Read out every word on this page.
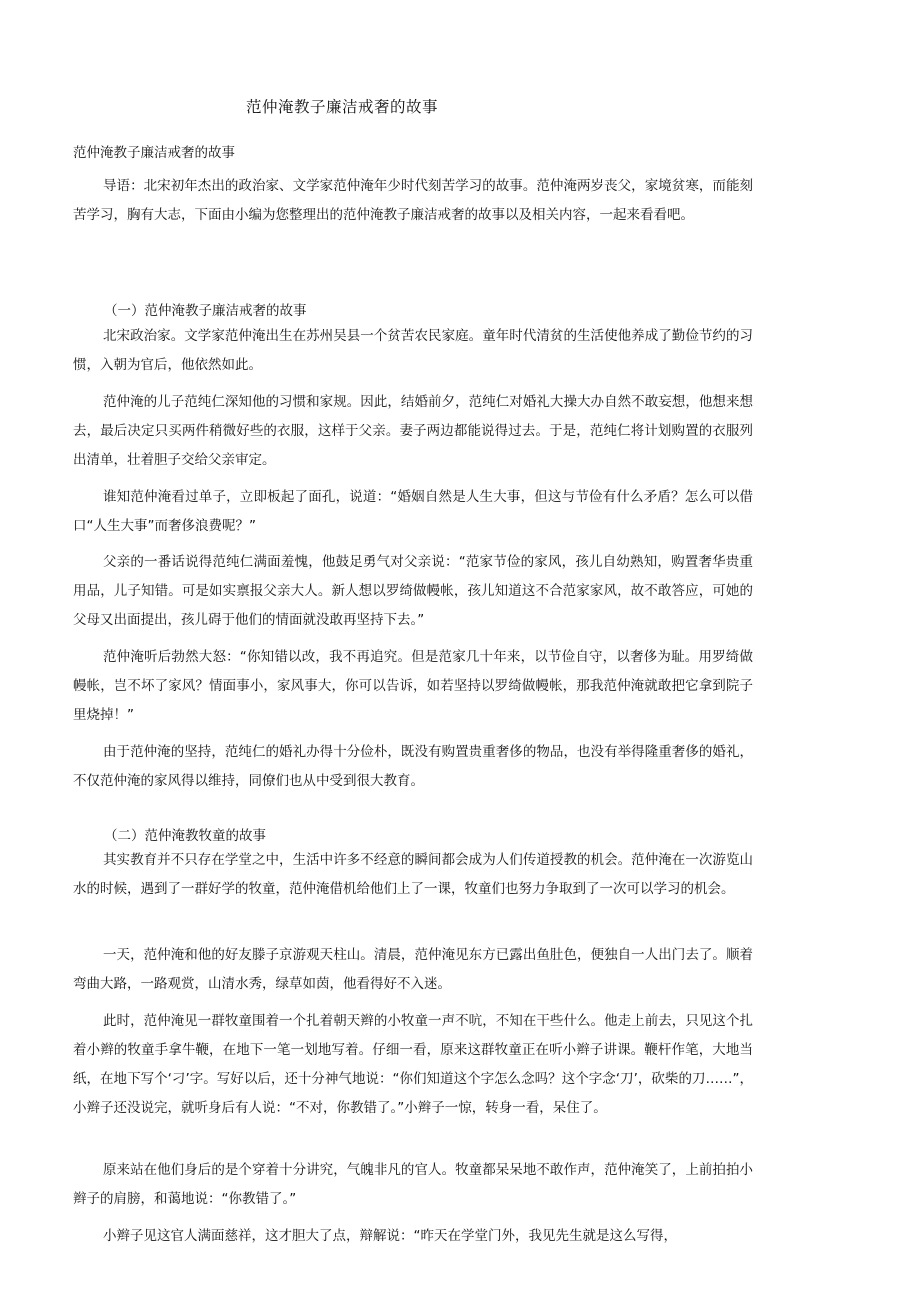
范仲淹教子廉洁戒奢的故事
范仲淹教子廉洁戒奢的故事

导语：北宋初年杰出的政治家、文学家范仲淹年少时代刻苦学习的故事。范仲淹两岁丧父，家境贫寒，而能刻苦学习，胸有大志，下面由小编为您整理出的范仲淹教子廉洁戒奢的故事以及相关内容，一起来看看吧。

（一）范仲淹教子廉洁戒奢的故事

北宋政治家。文学家范仲淹出生在苏州吴县一个贫苦农民家庭。童年时代清贫的生活使他养成了勤俭节约的习惯，入朝为官后，他依然如此。

范仲淹的儿子范纯仁深知他的习惯和家规。因此，结婚前夕，范纯仁对婚礼大操大办自然不敢妄想，他想来想去，最后决定只买两件稍微好些的衣服，这样于父亲。妻子两边都能说得过去。于是，范纯仁将计划购置的衣服列出清单，壮着胆子交给父亲审定。

谁知范仲淹看过单子，立即板起了面孔，说道：“婚姻自然是人生大事，但这与节俭有什么矛盾？怎么可以借口“人生大事”而奢侈浪费呢？”

父亲的一番话说得范纯仁满面羞愧，他鼓足勇气对父亲说：“范家节俭的家风，孩儿自幼熟知，购置奢华贵重用品，儿子知错。可是如实禀报父亲大人。新人想以罗绮做幔帐，孩儿知道这不合范家家风，故不敢答应，可她的父母又出面提出，孩儿碍于他们的情面就没敢再坚持下去。”

范仲淹听后勃然大怒：“你知错以改，我不再追究。但是范家几十年来，以节俭自守，以奢侈为耻。用罗绮做幔帐，岂不坏了家风？情面事小，家风事大，你可以告诉，如若坚持以罗绮做幔帐，那我范仲淹就敢把它拿到院子里烧掉！”

由于范仲淹的坚持，范纯仁的婚礼办得十分俭朴，既没有购置贵重奢侈的物品，也没有举得隆重奢侈的婚礼，不仅范仲淹的家风得以维持，同僚们也从中受到很大教育。

（二）范仲淹教牧童的故事

其实教育并不只存在学堂之中，生活中许多不经意的瞬间都会成为人们传道授教的机会。范仲淹在一次游览山水的时候，遇到了一群好学的牧童，范仲淹借机给他们上了一课，牧童们也努力争取到了一次可以学习的机会。

一天，范仲淹和他的好友滕子京游观天柱山。清晨，范仲淹见东方已露出鱼肚色，便独自一人出门去了。顺着弯曲大路，一路观赏，山清水秀，绿草如茵，他看得好不入迷。

此时，范仲淹见一群牧童围着一个扎着朝天辫的小牧童一声不吭，不知在干些什么。他走上前去，只见这个扎着小辫的牧童手拿牛鞭，在地下一笔一划地写着。仔细一看，原来这群牧童正在听小辫子讲课。鞭杆作笔，大地当纸，在地下写个‘刁’字。写好以后，还十分神气地说：“你们知道这个字怎么念吗？这个字念‘刀’，砍柴的刀……”，小辫子还没说完，就听身后有人说：“不对，你教错了。”小辫子一惊，转身一看，呆住了。

原来站在他们身后的是个穿着十分讲究，气魄非凡的官人。牧童都呆呆地不敢作声，范仲淹笑了，上前拍拍小辫子的肩膀，和蔼地说：“你教错了。”

小辫子见这官人满面慈祥，这才胆大了点，辩解说：“昨天在学堂门外，我见先生就是这么写得，
